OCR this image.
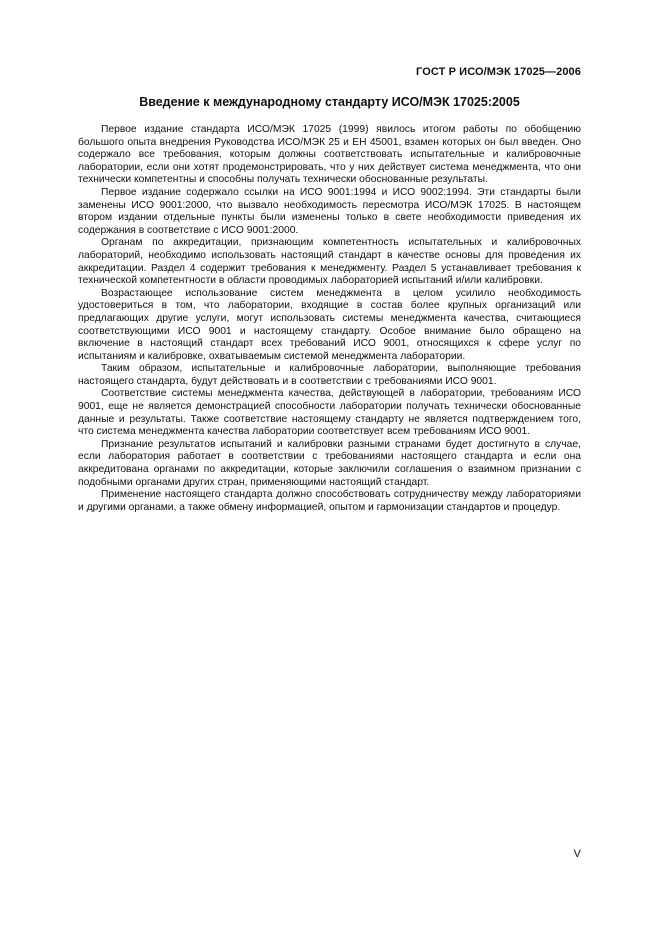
ГОСТ Р ИСО/МЭК 17025—2006
Введение к международному стандарту ИСО/МЭК 17025:2005

Первое издание стандарта ИСО/МЭК 17025 (1999) явилось итогом работы по обобщению большого опыта внедрения Руководства ИСО/МЭК 25 и ЕН 45001, взамен которых он был введен. Оно содержало все требования, которым должны соответствовать испытательные и калибровочные лаборатории, если они хотят продемонстрировать, что у них действует система менеджмента, что они технически компетентны и способны получать технически обоснованные результаты.

Первое издание содержало ссылки на ИСО 9001:1994 и ИСО 9002:1994. Эти стандарты были заменены ИСО 9001:2000, что вызвало необходимость пересмотра ИСО/МЭК 17025. В настоящем втором издании отдельные пункты были изменены только в свете необходимости приведения их содержания в соответствие с ИСО 9001:2000.

Органам по аккредитации, признающим компетентность испытательных и калибровочных лабораторий, необходимо использовать настоящий стандарт в качестве основы для проведения их аккредитации. Раздел 4 содержит требования к менеджменту. Раздел 5 устанавливает требования к технической компетентности в области проводимых лабораторией испытаний и/или калибровки.

Возрастающее использование систем менеджмента в целом усилило необходимость удостовериться в том, что лаборатории, входящие в состав более крупных организаций или предлагающих другие услуги, могут использовать системы менеджмента качества, считающиеся соответствующими ИСО 9001 и настоящему стандарту. Особое внимание было обращено на включение в настоящий стандарт всех требований ИСО 9001, относящихся к сфере услуг по испытаниям и калибровке, охватываемым системой менеджмента лаборатории.

Таким образом, испытательные и калибровочные лаборатории, выполняющие требования настоящего стандарта, будут действовать и в соответствии с требованиями ИСО 9001.

Соответствие системы менеджмента качества, действующей в лаборатории, требованиям ИСО 9001, еще не является демонстрацией способности лаборатории получать технически обоснованные данные и результаты. Также соответствие настоящему стандарту не является подтверждением того, что система менеджмента качества лаборатории соответствует всем требованиям ИСО 9001.

Признание результатов испытаний и калибровки разными странами будет достигнуто в случае, если лаборатория работает в соответствии с требованиями настоящего стандарта и если она аккредитована органами по аккредитации, которые заключили соглашения о взаимном признании с подобными органами других стран, применяющими настоящий стандарт.

Применение настоящего стандарта должно способствовать сотрудничеству между лабораториями и другими органами, а также обмену информацией, опытом и гармонизации стандартов и процедур.

V
